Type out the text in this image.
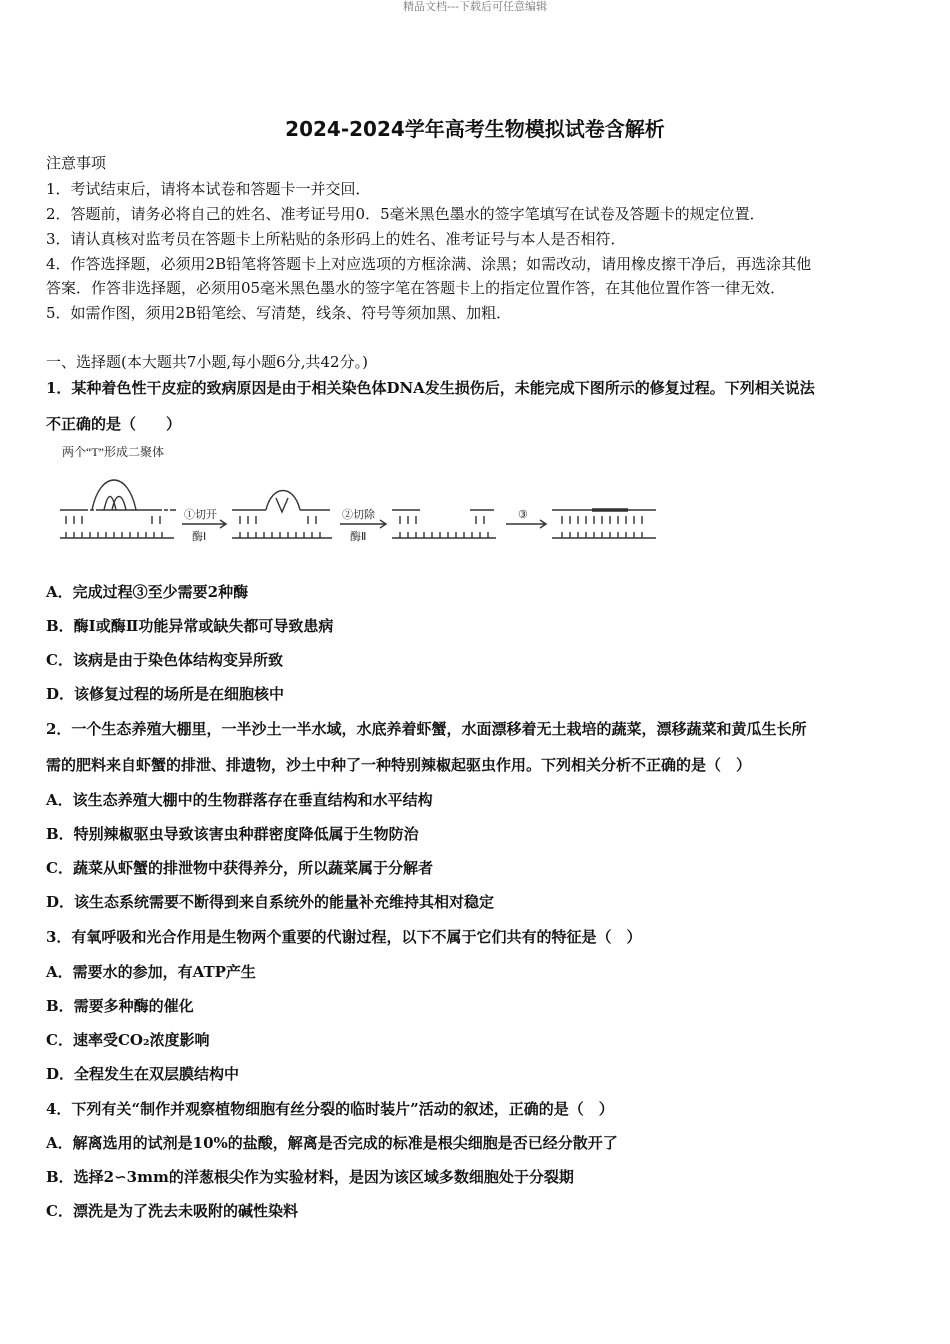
精品文档---下载后可任意编辑
2024-2024学年高考生物模拟试卷含解析
注意事项
1．考试结束后，请将本试卷和答题卡一并交回．
2．答题前，请务必将自己的姓名、准考证号用0．5毫米黑色墨水的签字笔填写在试卷及答题卡的规定位置．
3．请认真核对监考员在答题卡上所粘贴的条形码上的姓名、准考证号与本人是否相符．
4．作答选择题，必须用2B铅笔将答题卡上对应选项的方框涂满、涂黑；如需改动，请用橡皮擦干净后，再选涂其他
答案．作答非选择题，必须用05毫米黑色墨水的签字笔在答题卡上的指定位置作答，在其他位置作答一律无效．
5．如需作图，须用2B铅笔绘、写清楚，线条、符号等须加黑、加粗．
一、选择题(本大题共7小题,每小题6分,共42分。)
1．某种着色性干皮症的致病原因是由于相关染色体DNA发生损伤后，未能完成下图所示的修复过程。下列相关说法
不正确的是（　　）
两个“T”形成二聚体
①切开
酶Ⅰ
②切除
酶Ⅱ
③
A．完成过程③至少需要2种酶
B．酶Ⅰ或酶Ⅱ功能异常或缺失都可导致患病
C．该病是由于染色体结构变异所致
D．该修复过程的场所是在细胞核中
2．一个生态养殖大棚里，一半沙土一半水域，水底养着虾蟹，水面漂移着无土栽培的蔬菜，漂移蔬菜和黄瓜生长所
需的肥料来自虾蟹的排泄、排遗物，沙土中种了一种特别辣椒起驱虫作用。下列相关分析不正确的是（　）
A．该生态养殖大棚中的生物群落存在垂直结构和水平结构
B．特别辣椒驱虫导致该害虫种群密度降低属于生物防治
C．蔬菜从虾蟹的排泄物中获得养分，所以蔬菜属于分解者
D．该生态系统需要不断得到来自系统外的能量补充维持其相对稳定
3．有氧呼吸和光合作用是生物两个重要的代谢过程，以下不属于它们共有的特征是（　）
A．需要水的参加，有ATP产生
B．需要多种酶的催化
C．速率受CO₂浓度影响
D．全程发生在双层膜结构中
4．下列有关“制作并观察植物细胞有丝分裂的临时装片”活动的叙述，正确的是（　）
A．解离选用的试剂是10%的盐酸，解离是否完成的标准是根尖细胞是否已经分散开了
B．选择2∽3mm的洋葱根尖作为实验材料，是因为该区域多数细胞处于分裂期
C．漂洗是为了洗去未吸附的碱性染料
